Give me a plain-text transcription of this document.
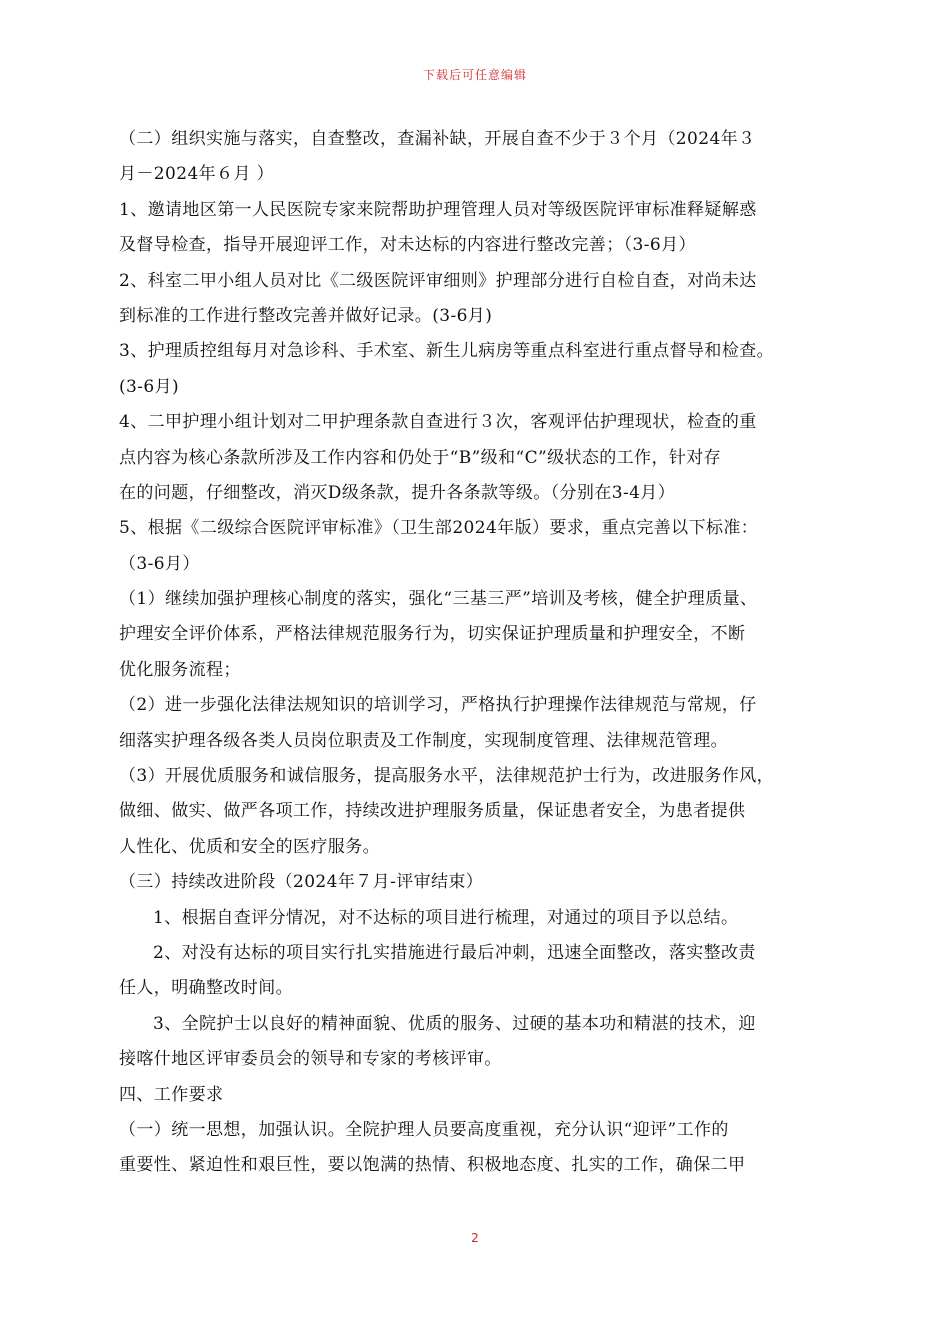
下载后可任意编辑
（二）组织实施与落实，自查整改，查漏补缺，开展自查不少于３个月（2024年３
月－2024年６月 ）
1、邀请地区第一人民医院专家来院帮助护理管理人员对等级医院评审标准释疑解惑
及督导检查，指导开展迎评工作，对未达标的内容进行整改完善；（3-6月）
2、科室二甲小组人员对比《二级医院评审细则》护理部分进行自检自查，对尚未达
到标准的工作进行整改完善并做好记录。(3-6月)
3、护理质控组每月对急诊科、手术室、新生儿病房等重点科室进行重点督导和检查。
(3-6月)
4、二甲护理小组计划对二甲护理条款自查进行３次，客观评估护理现状，检查的重
点内容为核心条款所涉及工作内容和仍处于“B”级和“C”级状态的工作，针对存
在的问题，仔细整改，消灭D级条款，提升各条款等级。（分别在3-4月）
5、根据《二级综合医院评审标准》（卫生部2024年版）要求，重点完善以下标准：
（3-6月）
（1）继续加强护理核心制度的落实，强化“三基三严”培训及考核，健全护理质量、
护理安全评价体系，严格法律规范服务行为，切实保证护理质量和护理安全，不断
优化服务流程；
（2）进一步强化法律法规知识的培训学习，严格执行护理操作法律规范与常规，仔
细落实护理各级各类人员岗位职责及工作制度，实现制度管理、法律规范管理。
（3）开展优质服务和诚信服务，提高服务水平，法律规范护士行为，改进服务作风，
做细、做实、做严各项工作，持续改进护理服务质量，保证患者安全，为患者提供
人性化、优质和安全的医疗服务。
（三）持续改进阶段（2024年７月-评审结束）
1、根据自查评分情况，对不达标的项目进行梳理，对通过的项目予以总结。
2、对没有达标的项目实行扎实措施进行最后冲刺，迅速全面整改，落实整改责
任人，明确整改时间。
3、全院护士以良好的精神面貌、优质的服务、过硬的基本功和精湛的技术，迎
接喀什地区评审委员会的领导和专家的考核评审。
四、工作要求
（一）统一思想，加强认识。全院护理人员要高度重视，充分认识“迎评”工作的
重要性、紧迫性和艰巨性，要以饱满的热情、积极地态度、扎实的工作，确保二甲
2
